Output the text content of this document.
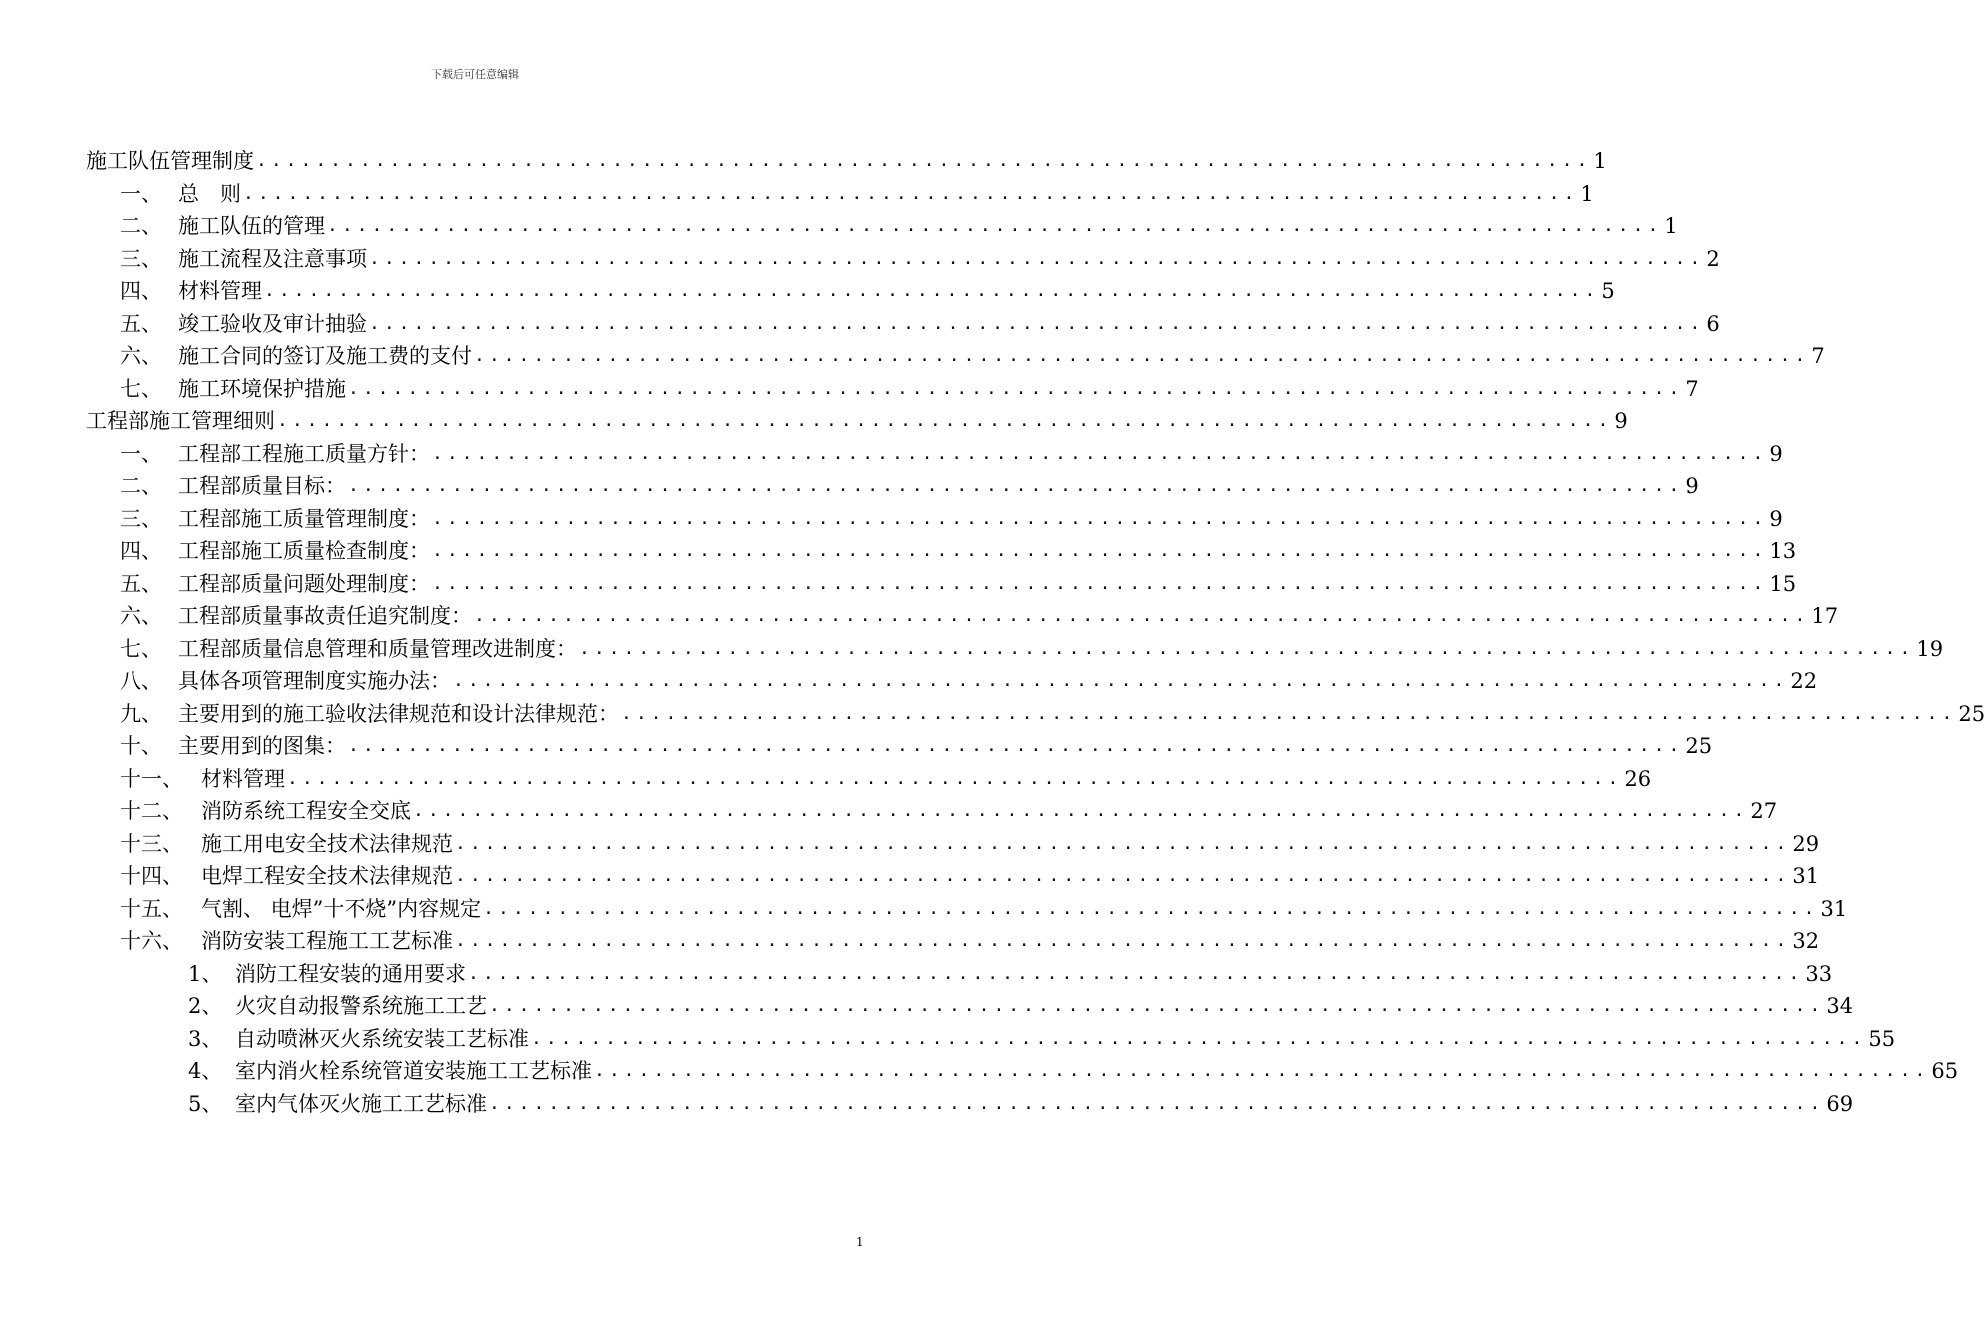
下载后可任意编辑
施工队伍管理制度 .......................................................................................... 1
一、 总　则 .......................................................................................... 1
二、 施工队伍的管理 .......................................................................................... 1
三、 施工流程及注意事项 .......................................................................................... 2
四、 材料管理 .......................................................................................... 5
五、 竣工验收及审计抽验 .......................................................................................... 6
六、 施工合同的签订及施工费的支付 .......................................................................................... 7
七、 施工环境保护措施 .......................................................................................... 7
工程部施工管理细则 .......................................................................................... 9
一、 工程部工程施工质量方针： .......................................................................................... 9
二、 工程部质量目标： .......................................................................................... 9
三、 工程部施工质量管理制度： .......................................................................................... 9
四、 工程部施工质量检查制度： .......................................................................................... 13
五、 工程部质量问题处理制度： .......................................................................................... 15
六、 工程部质量事故责任追究制度： .......................................................................................... 17
七、 工程部质量信息管理和质量管理改进制度： .......................................................................................... 19
八、 具体各项管理制度实施办法： .......................................................................................... 22
九、 主要用到的施工验收法律规范和设计法律规范： .......................................................................................... 25
十、 主要用到的图集： .......................................................................................... 25
十一、 材料管理 .......................................................................................... 26
十二、 消防系统工程安全交底 .......................................................................................... 27
十三、 施工用电安全技术法律规范 .......................................................................................... 29
十四、 电焊工程安全技术法律规范 .......................................................................................... 31
十五、 气割、 电焊”十不烧”内容规定 .......................................................................................... 31
十六、 消防安装工程施工工艺标准 .......................................................................................... 32
1、 消防工程安装的通用要求 .......................................................................................... 33
2、 火灾自动报警系统施工工艺 .......................................................................................... 34
3、 自动喷淋灭火系统安装工艺标准 .......................................................................................... 55
4、 室内消火栓系统管道安装施工工艺标准 .......................................................................................... 65
5、 室内气体灭火施工工艺标准 .......................................................................................... 69
1
